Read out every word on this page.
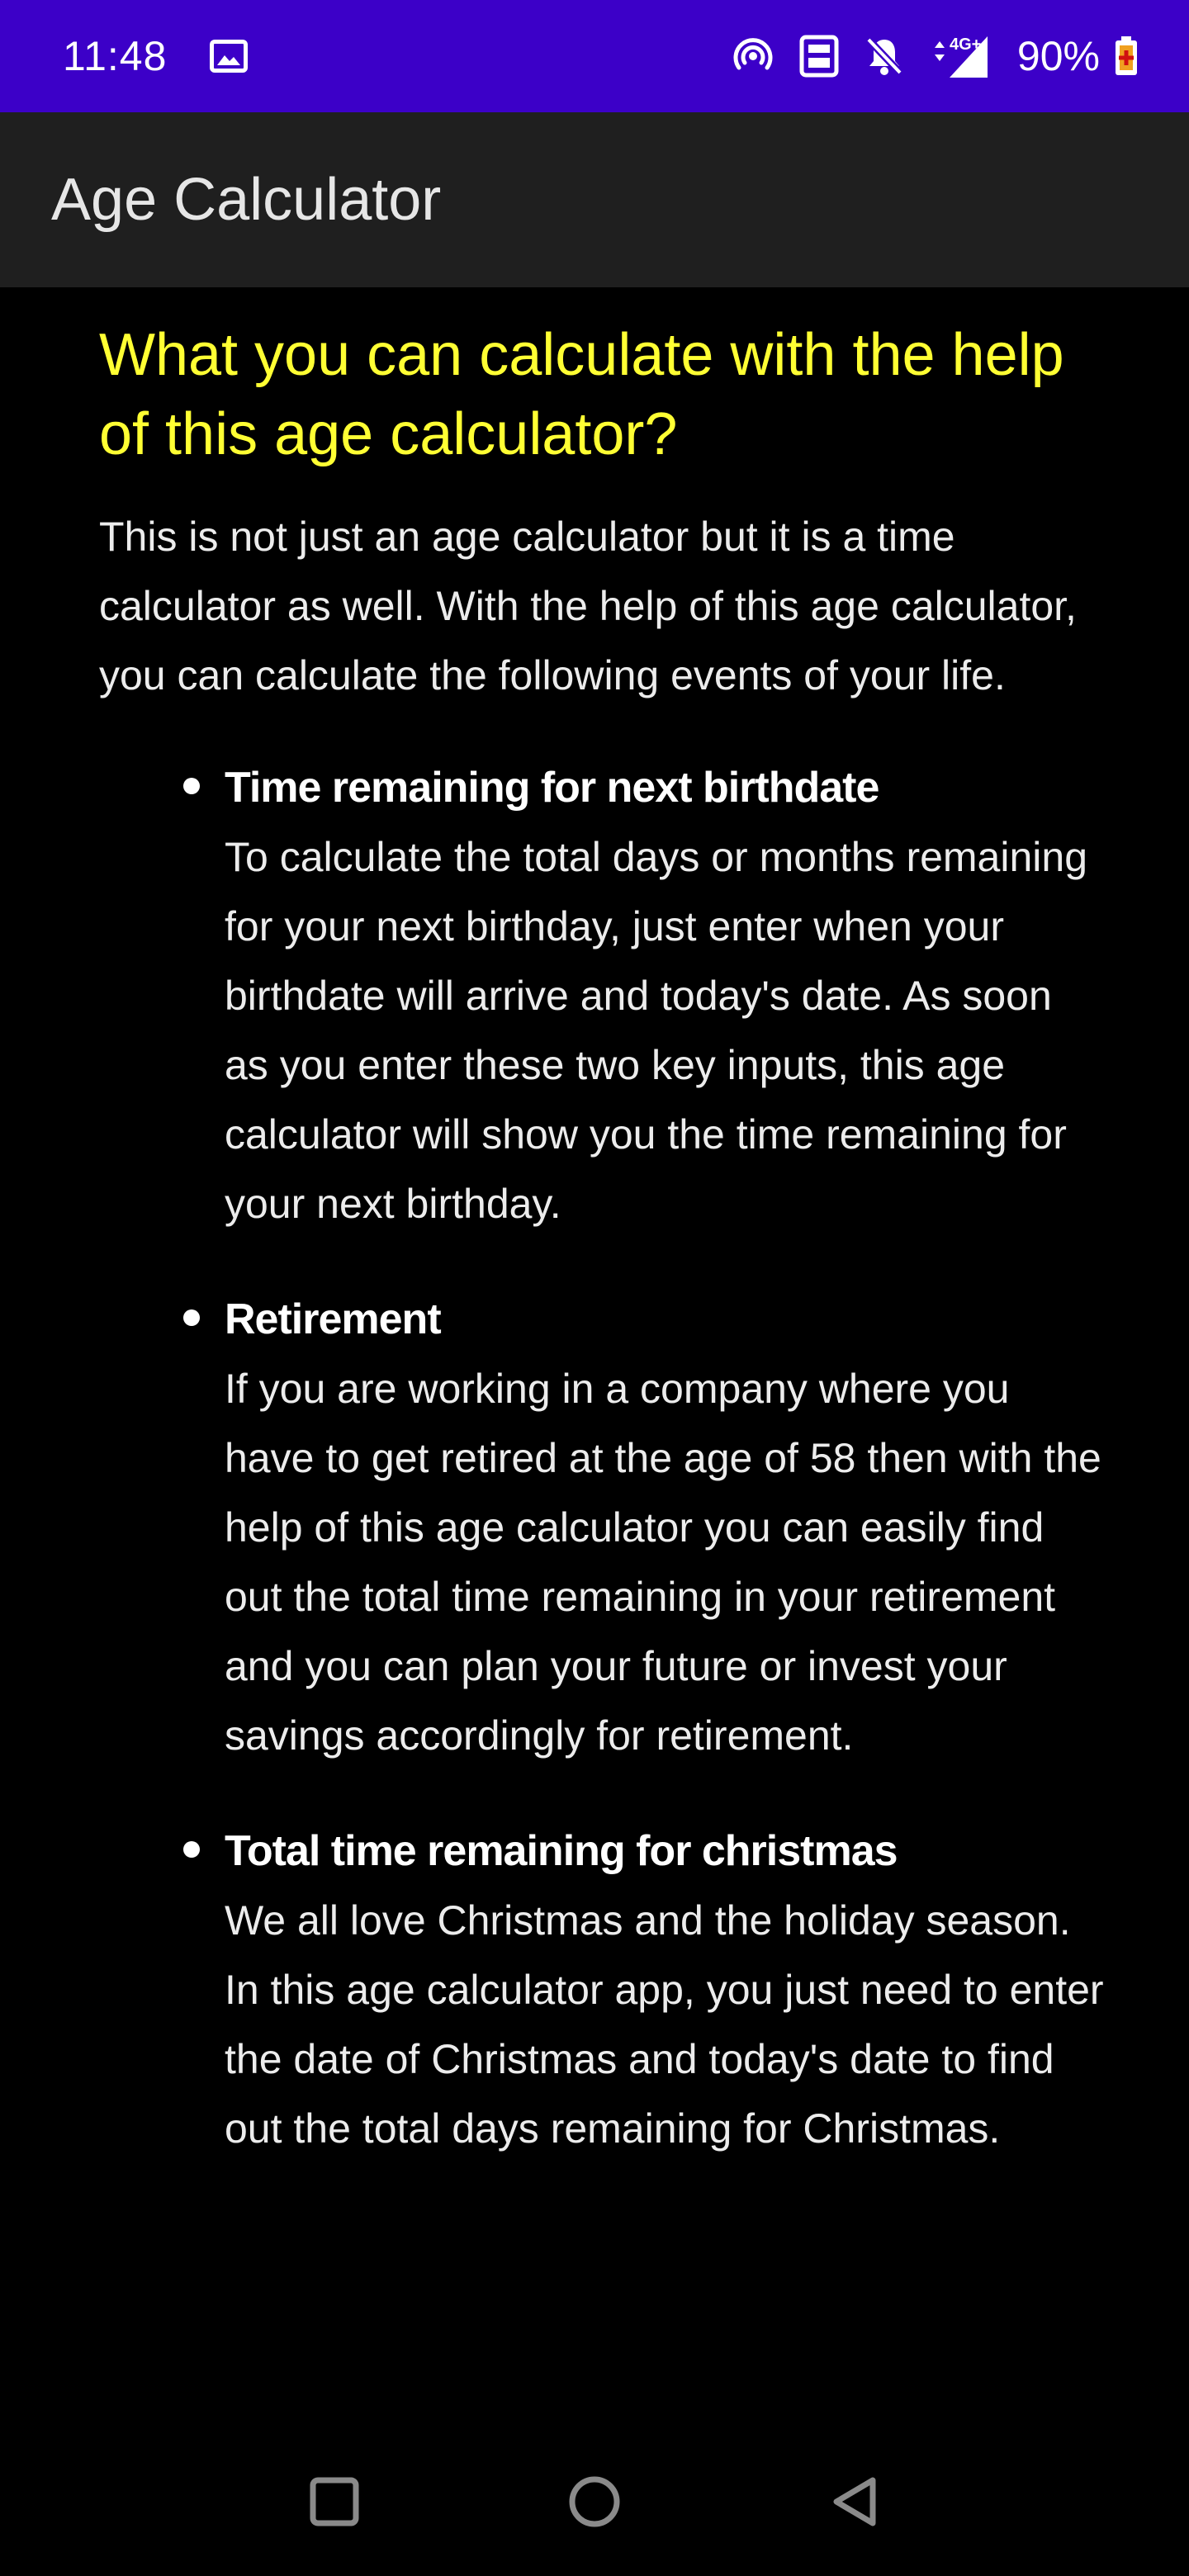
11:48	4G+ 90%
Age Calculator
What you can calculate with the help of this age calculator?

This is not just an age calculator but it is a time calculator as well. With the help of this age calculator, you can calculate the following events of your life.

Time remaining for next birthdate
To calculate the total days or months remaining for your next birthday, just enter when your birthdate will arrive and today's date. As soon as you enter these two key inputs, this age calculator will show you the time remaining for your next birthday.
Retirement
If you are working in a company where you have to get retired at the age of 58 then with the help of this age calculator you can easily find out the total time remaining in your retirement and you can plan your future or invest your savings accordingly for retirement.
Total time remaining for christmas
We all love Christmas and the holiday season. In this age calculator app, you just need to enter the date of Christmas and today's date to find out the total days remaining for Christmas.
